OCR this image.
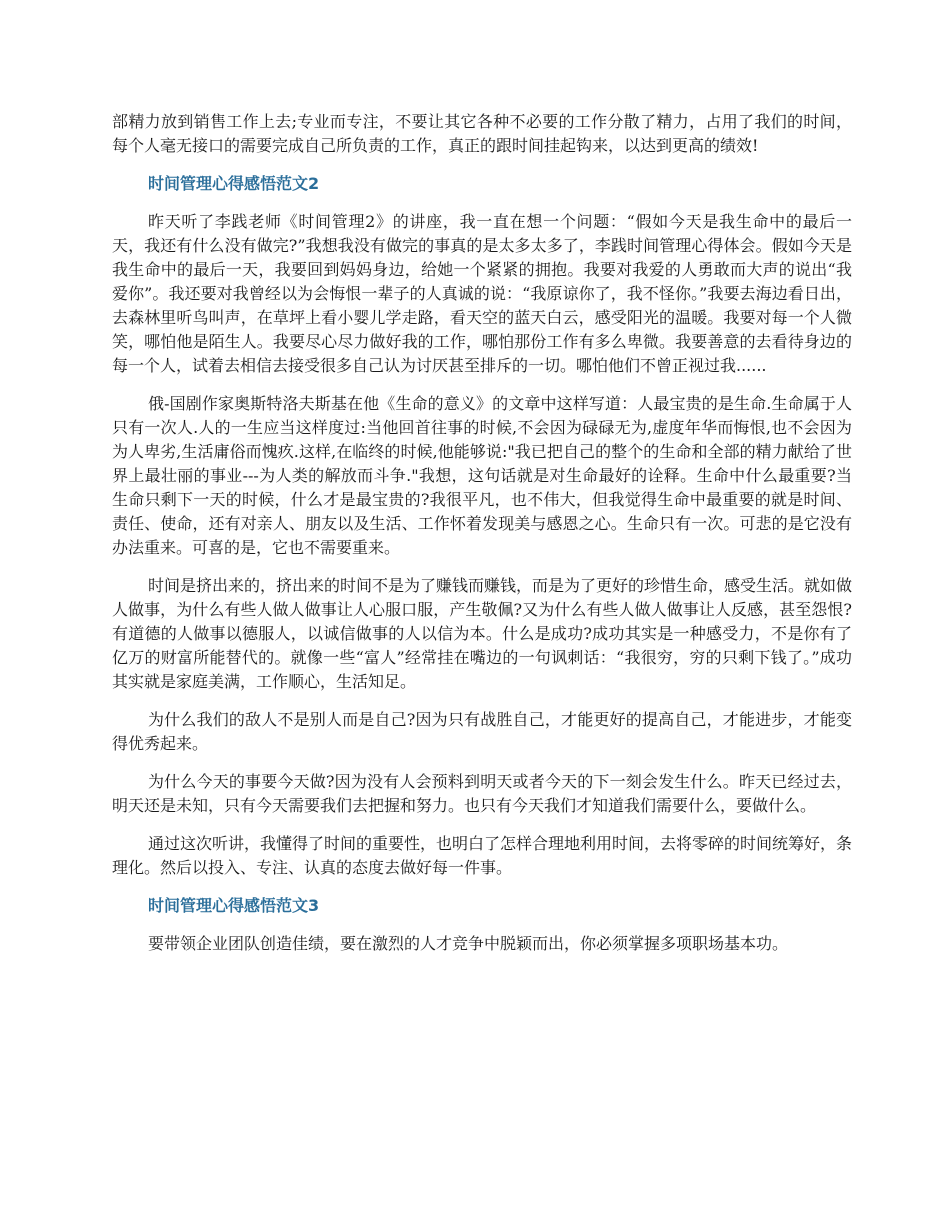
部精力放到销售工作上去;专业而专注，不要让其它各种不必要的工作分散了精力，占用了我们的时间，每个人毫无接口的需要完成自己所负责的工作，真正的跟时间挂起钩来，以达到更高的绩效!

时间管理心得感悟范文2

昨天听了李践老师《时间管理2》的讲座，我一直在想一个问题：“假如今天是我生命中的最后一天，我还有什么没有做完?”我想我没有做完的事真的是太多太多了，李践时间管理心得体会。假如今天是我生命中的最后一天，我要回到妈妈身边，给她一个紧紧的拥抱。我要对我爱的人勇敢而大声的说出“我爱你”。我还要对我曾经以为会悔恨一辈子的人真诚的说：“我原谅你了，我不怪你。”我要去海边看日出，去森林里听鸟叫声，在草坪上看小婴儿学走路，看天空的蓝天白云，感受阳光的温暖。我要对每一个人微笑，哪怕他是陌生人。我要尽心尽力做好我的工作，哪怕那份工作有多么卑微。我要善意的去看待身边的每一个人，试着去相信去接受很多自己认为讨厌甚至排斥的一切。哪怕他们不曾正视过我......

俄-国剧作家奥斯特洛夫斯基在他《生命的意义》的文章中这样写道：人最宝贵的是生命.生命属于人只有一次人.人的一生应当这样度过:当他回首往事的时候,不会因为碌碌无为,虚度年华而悔恨,也不会因为为人卑劣,生活庸俗而愧疚.这样,在临终的时候,他能够说:"我已把自己的整个的生命和全部的精力献给了世界上最壮丽的事业---为人类的解放而斗争."我想，这句话就是对生命最好的诠释。生命中什么最重要?当生命只剩下一天的时候，什么才是最宝贵的?我很平凡，也不伟大，但我觉得生命中最重要的就是时间、责任、使命，还有对亲人、朋友以及生活、工作怀着发现美与感恩之心。生命只有一次。可悲的是它没有办法重来。可喜的是，它也不需要重来。

时间是挤出来的，挤出来的时间不是为了赚钱而赚钱，而是为了更好的珍惜生命，感受生活。就如做人做事，为什么有些人做人做事让人心服口服，产生敬佩?又为什么有些人做人做事让人反感，甚至怨恨?有道德的人做事以德服人，以诚信做事的人以信为本。什么是成功?成功其实是一种感受力，不是你有了亿万的财富所能替代的。就像一些“富人”经常挂在嘴边的一句讽刺话：“我很穷，穷的只剩下钱了。”成功其实就是家庭美满，工作顺心，生活知足。

为什么我们的敌人不是别人而是自己?因为只有战胜自己，才能更好的提高自己，才能进步，才能变得优秀起来。

为什么今天的事要今天做?因为没有人会预料到明天或者今天的下一刻会发生什么。昨天已经过去，明天还是未知，只有今天需要我们去把握和努力。也只有今天我们才知道我们需要什么，要做什么。

通过这次听讲，我懂得了时间的重要性，也明白了怎样合理地利用时间，去将零碎的时间统筹好，条理化。然后以投入、专注、认真的态度去做好每一件事。

时间管理心得感悟范文3

要带领企业团队创造佳绩，要在激烈的人才竞争中脱颖而出，你必须掌握多项职场基本功。
